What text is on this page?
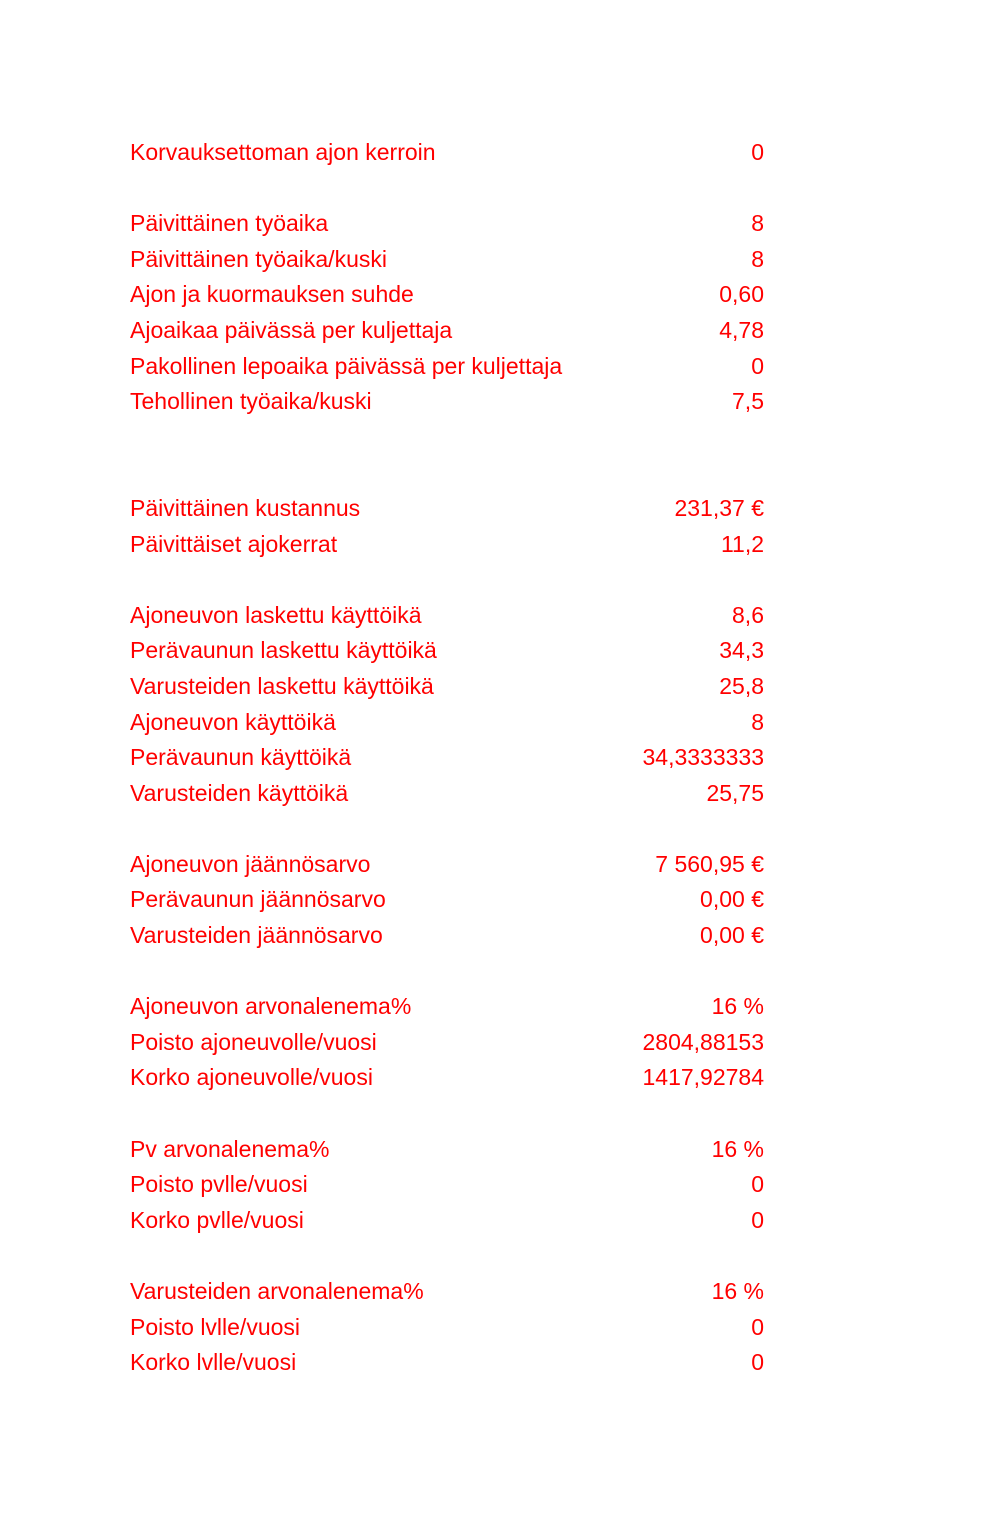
Korvauksettoman ajon kerroin	0
Päivittäinen työaika	8
Päivittäinen työaika/kuski	8
Ajon ja kuormauksen suhde	0,60
Ajoaikaa päivässä per kuljettaja	4,78
Pakollinen lepoaika päivässä per kuljettaja	0
Tehollinen työaika/kuski	7,5
Päivittäinen kustannus	231,37 €
Päivittäiset ajokerrat	11,2
Ajoneuvon laskettu käyttöikä	8,6
Perävaunun laskettu käyttöikä	34,3
Varusteiden laskettu käyttöikä	25,8
Ajoneuvon käyttöikä	8
Perävaunun käyttöikä	34,3333333
Varusteiden käyttöikä	25,75
Ajoneuvon jäännösarvo	7 560,95 €
Perävaunun jäännösarvo	0,00 €
Varusteiden jäännösarvo	0,00 €
Ajoneuvon arvonalenema%	16 %
Poisto ajoneuvolle/vuosi	2804,88153
Korko ajoneuvolle/vuosi	1417,92784
Pv arvonalenema%	16 %
Poisto pvlle/vuosi	0
Korko pvlle/vuosi	0
Varusteiden arvonalenema%	16 %
Poisto lvlle/vuosi	0
Korko lvlle/vuosi	0
